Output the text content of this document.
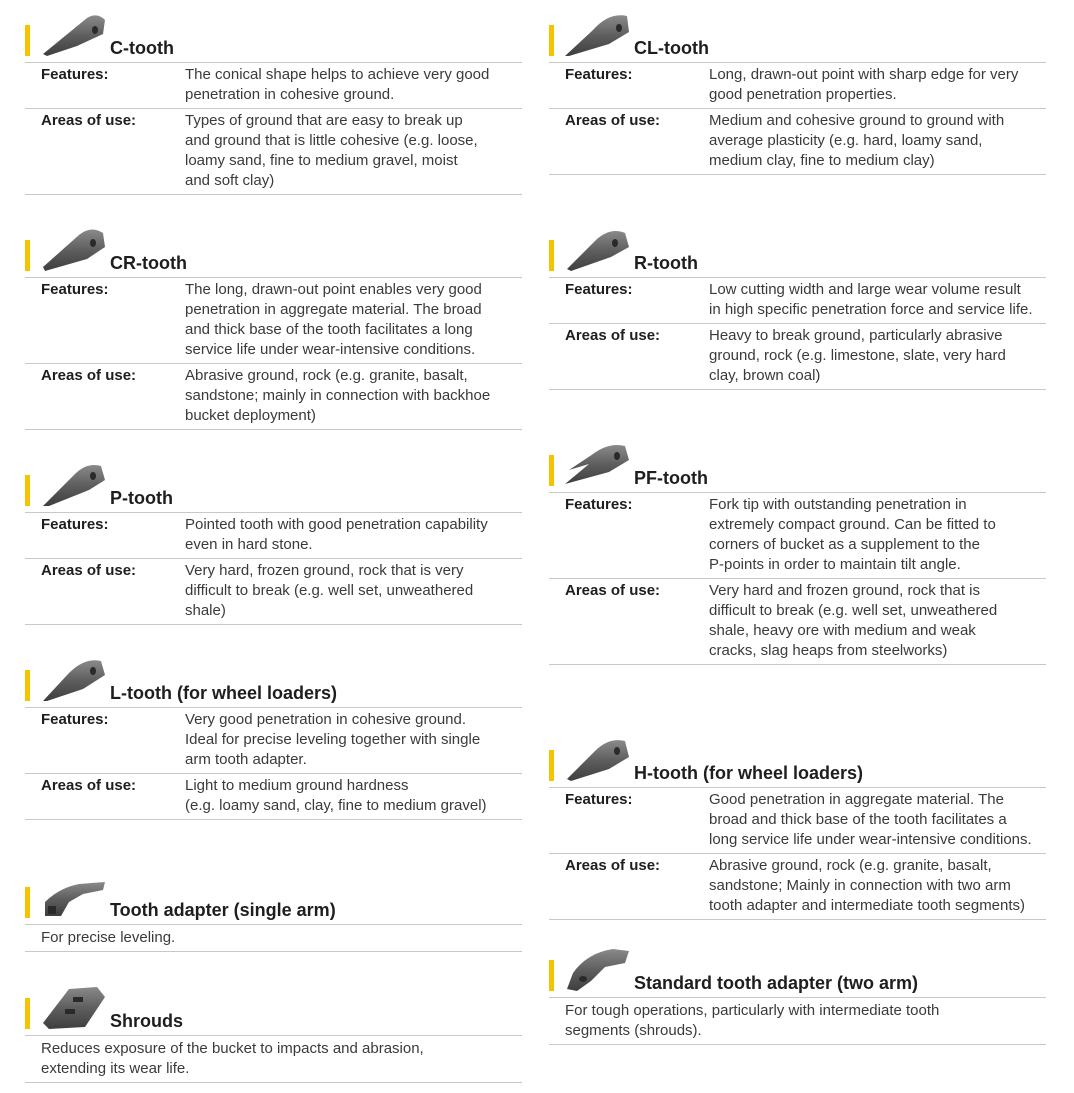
C-tooth
Features:	The conical shape helps to achieve very good
penetration in cohesive ground.
Areas of use:	Types of ground that are easy to break up
and ground that is little cohesive (e.g. loose,
loamy sand, fine to medium gravel, moist
and soft clay)
CR-tooth
Features:	The long, drawn-out point enables very good
penetration in aggregate material. The broad
and thick base of the tooth facilitates a long
service life under wear-intensive conditions.
Areas of use:	Abrasive ground, rock (e.g. granite, basalt,
sandstone; mainly in connection with backhoe
bucket deployment)
P-tooth
Features:	Pointed tooth with good penetration capability
even in hard stone.
Areas of use:	Very hard, frozen ground, rock that is very
difficult to break (e.g. well set, unweathered
shale)
L-tooth (for wheel loaders)
Features:	Very good penetration in cohesive ground.
Ideal for precise leveling together with single
arm tooth adapter.
Areas of use:	Light to medium ground hardness
(e.g. loamy sand, clay, fine to medium gravel)
Tooth adapter (single arm)
For precise leveling.
Shrouds
Reduces exposure of the bucket to impacts and abrasion,
extending its wear life.
CL-tooth
Features:	Long, drawn-out point with sharp edge for very
good penetration properties.
Areas of use:	Medium and cohesive ground to ground with
average plasticity (e.g. hard, loamy sand,
medium clay, fine to medium clay)
R-tooth
Features:	Low cutting width and large wear volume result
in high specific penetration force and service life.
Areas of use:	Heavy to break ground, particularly abrasive
ground, rock (e.g. limestone, slate, very hard
clay, brown coal)
PF-tooth
Features:	Fork tip with outstanding penetration in
extremely compact ground. Can be fitted to
corners of bucket as a supplement to the
P-points in order to maintain tilt angle.
Areas of use:	Very hard and frozen ground, rock that is
difficult to break (e.g. well set, unweathered
shale, heavy ore with medium and weak
cracks, slag heaps from steelworks)
H-tooth (for wheel loaders)
Features:	Good penetration in aggregate material. The
broad and thick base of the tooth facilitates a
long service life under wear-intensive conditions.
Areas of use:	Abrasive ground, rock (e.g. granite, basalt,
sandstone; Mainly in connection with two arm
tooth adapter and intermediate tooth segments)
Standard tooth adapter (two arm)
For tough operations, particularly with intermediate tooth
segments (shrouds).
